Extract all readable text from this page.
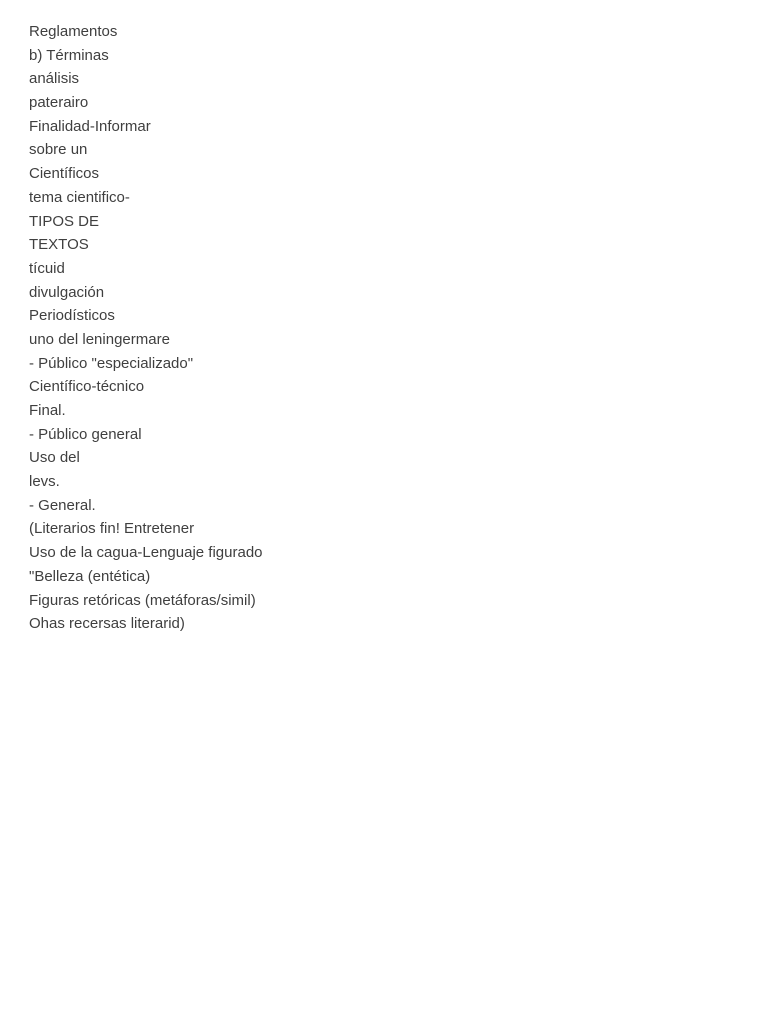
Reglamentos
b) Términas
análisis
paterairo
Finalidad-Informar
sobre un
Científicos
tema cientifico-
TIPOS DE
TEXTOS
tícuid
divulgación
Periodísticos
uno del leningermare
- Público "especializado"
Científico-técnico
Final.
- Público general
Uso del
levs.
- General.
(Literarios fin! Entretener
Uso de la cagua-Lenguaje figurado
"Belleza (entética)
Figuras retóricas (metáforas/simil)
Ohas recersas literarid)
